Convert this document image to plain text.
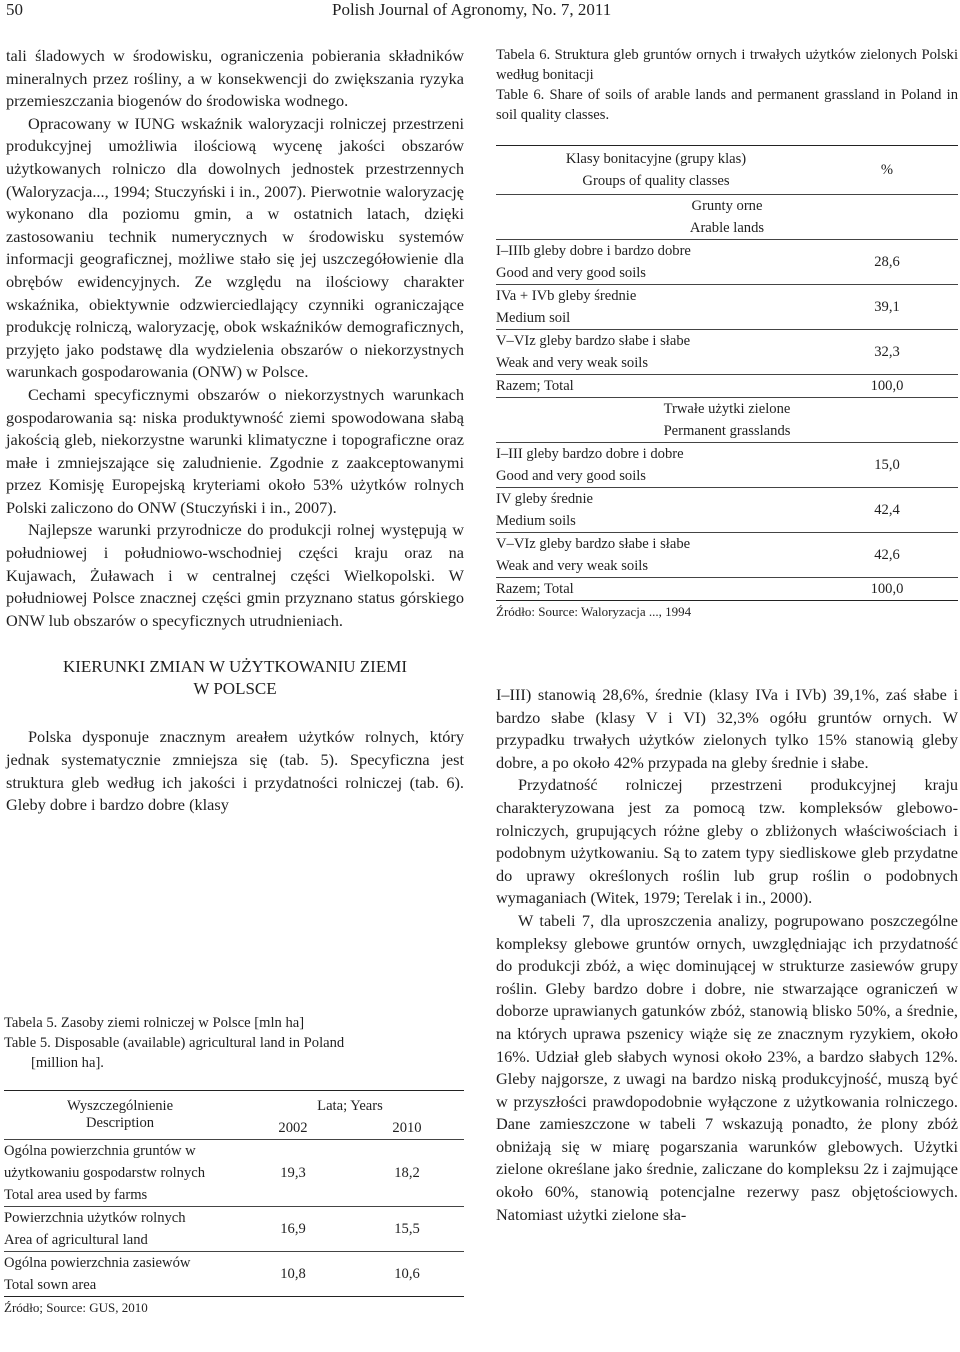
50	Polish Journal of Agronomy, No. 7, 2011

tali śladowych w środowisku, ograniczenia pobierania składników mineralnych przez rośliny, a w konsekwencji do zwiększania ryzyka przemieszczania biogenów do środowiska wodnego.

Opracowany w IUNG wskaźnik waloryzacji rolniczej przestrzeni produkcyjnej umożliwia ilościową wycenę jakości obszarów użytkowanych rolniczo dla dowolnych jednostek przestrzennych (Waloryzacja..., 1994; Stuczyński i in., 2007). Pierwotnie waloryzację wykonano dla poziomu gmin, a w ostatnich latach, dzięki zastosowaniu technik numerycznych w środowisku systemów informacji geograficznej, możliwe stało się jej uszczegółowienie dla obrębów ewidencyjnych. Ze względu na ilościowy charakter wskaźnika, obiektywnie odzwierciedlający czynniki ograniczające produkcję rolniczą, waloryzację, obok wskaźników demograficznych, przyjęto jako podstawę dla wydzielenia obszarów o niekorzystnych warunkach gospodarowania (ONW) w Polsce.

Cechami specyficznymi obszarów o niekorzystnych warunkach gospodarowania są: niska produktywność ziemi spowodowana słabą jakością gleb, niekorzystne warunki klimatyczne i topograficzne oraz małe i zmniejszające się zaludnienie. Zgodnie z zaakceptowanymi przez Komisję Europejską kryteriami około 53% użytków rolnych Polski zaliczono do ONW (Stuczyński i in., 2007).

Najlepsze warunki przyrodnicze do produkcji rolnej występują w południowej i południowo-wschodniej części kraju oraz na Kujawach, Żuławach i w centralnej części Wielkopolski. W południowej Polsce znacznej części gmin przyznano status górskiego ONW lub obszarów o specyficznych utrudnieniach.

KIERUNKI ZMIAN W UŻYTKOWANIU ZIEMI
W POLSCE

Polska dysponuje znacznym areałem użytków rolnych, który jednak systematycznie zmniejsza się (tab. 5). Specyficzna jest struktura gleb według ich jakości i przydatności rolniczej (tab. 6). Gleby dobre i bardzo dobre (klasy

Tabela 5. Zasoby ziemi rolniczej w Polsce [mln ha]
Table 5. Disposable (available) agricultural land in Poland
[million ha].
Wyszczególnienie
Description	Lata; Years	
	2002	2010

Ogólna powierzchnia gruntów w użytkowaniu gospodarstw rolnych
Total area used by farms	19,3	18,2

Powierzchnia użytków rolnych
Area of agricultural land	16,9	15,5

Ogólna powierzchnia zasiewów
Total sown area	10,8	10,6
Źródło; Source: GUS, 2010		
Tabela 6. Struktura gleb gruntów ornych i trwałych użytków zielonych Polski według bonitacji
Table 6. Share of soils of arable lands and permanent grassland in Poland in soil quality classes.
Klasy bonitacyjne (grupy klas)
Groups of quality classes	%

Grunty orne
Arable lands	

I–IIIb gleby dobre i bardzo dobre
Good and very good soils	28,6

IVa + IVb gleby średnie
Medium soil	39,1

V–VIz gleby bardzo słabe i słabe
Weak and very weak soils	32,3
Razem; Total	100,0

Trwałe użytki zielone
Permanent grasslands	

I–III gleby bardzo dobre i dobre
Good and very good soils	15,0

IV gleby średnie
Medium soils	42,4

V–VIz gleby bardzo słabe i słabe
Weak and very weak soils	42,6
Razem; Total	100,0
Źródło: Source: Waloryzacja ..., 1994	

I–III) stanowią 28,6%, średnie (klasy IVa i IVb) 39,1%, zaś słabe i bardzo słabe (klasy V i VI) 32,3% ogółu gruntów ornych. W przypadku trwałych użytków zielonych tylko 15% stanowią gleby dobre, a po około 42% przypada na gleby średnie i słabe.

Przydatność rolniczej przestrzeni produkcyjnej kraju charakteryzowana jest za pomocą tzw. kompleksów glebowo-rolniczych, grupujących różne gleby o zbliżonych właściwościach i podobnym użytkowaniu. Są to zatem typy siedliskowe gleb przydatne do uprawy określonych roślin lub grup roślin o podobnych wymaganiach (Witek, 1979; Terelak i in., 2000).

W tabeli 7, dla uproszczenia analizy, pogrupowano poszczególne kompleksy glebowe gruntów ornych, uwzględniając ich przydatność do produkcji zbóż, a więc dominującej w strukturze zasiewów grupy roślin. Gleby bardzo dobre i dobre, nie stwarzające ograniczeń w doborze uprawianych gatunków zbóż, stanowią blisko 50%, a średnie, na których uprawa pszenicy wiąże się ze znacznym ryzykiem, około 16%. Udział gleb słabych wynosi około 23%, a bardzo słabych 12%. Gleby najgorsze, z uwagi na bardzo niską produkcyjność, muszą być w przyszłości prawdopodobnie wyłączone z użytkowania rolniczego. Dane zamieszczone w tabeli 7 wskazują ponadto, że plony zbóż obniżają się w miarę pogarszania warunków glebowych. Użytki zielone określane jako średnie, zaliczane do kompleksu 2z i zajmujące około 60%, stanowią potencjalne rezerwy pasz objętościowych. Natomiast użytki zielone sła-
